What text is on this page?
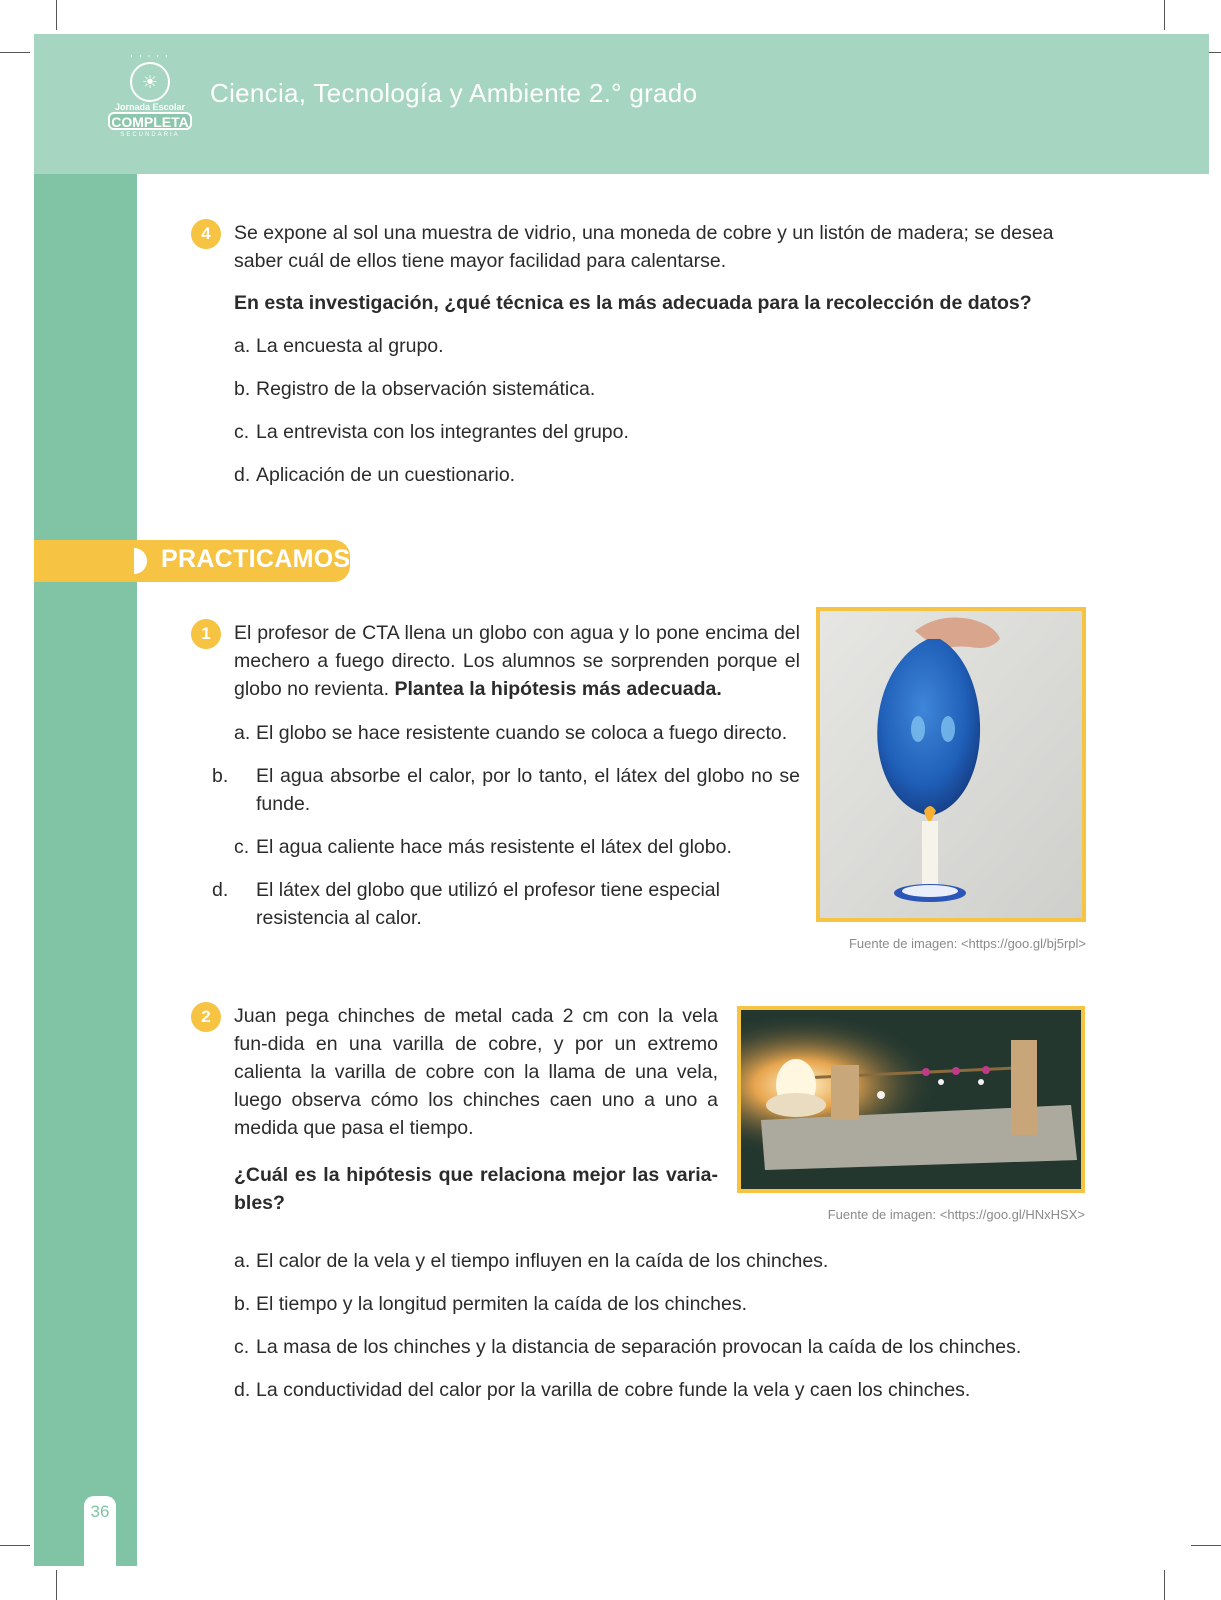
' ' ' ' '
☀
Jornada Escolar
COMPLETA
SECUNDARIA
Ciencia, Tecnología y Ambiente 2.° grado
36
4	Se expone al sol una muestra de vidrio, una moneda de cobre y un listón de madera; se desea saber cuál de ellos tiene mayor facilidad para calentarse.
En esta investigación, ¿qué técnica es la más adecuada para la recolección de datos?
a. La encuesta al grupo.
b. Registro de la observación sistemática.
c. La entrevista con los integrantes del grupo.
d. Aplicación de un cuestionario.
PRACTICAMOS
1	El profesor de CTA llena un globo con agua y lo pone encima del mechero a fuego directo. Los alumnos se sorprenden porque el globo no revienta. Plantea la hipótesis más adecuada.
a. El globo se hace resistente cuando se coloca a fuego directo.
b. El agua absorbe el calor, por lo tanto, el látex del globo no se funde.
c. El agua caliente hace más resistente el látex del globo.
d. El látex del globo que utilizó el profesor tiene especial resistencia al calor.
Fuente de imagen: <https://goo.gl/bj5rpl>
2	Juan pega chinches de metal cada 2 cm con la vela fun-dida en una varilla de cobre, y por un extremo calienta la varilla de cobre con la llama de una vela, luego observa cómo los chinches caen uno a uno a medida que pasa el tiempo.
¿Cuál es la hipótesis que relaciona mejor las varia-bles?
Fuente de imagen: <https://goo.gl/HNxHSX>
a. El calor de la vela y el tiempo influyen en la caída de los chinches.
b. El tiempo y la longitud permiten la caída de los chinches.
c. La masa de los chinches y la distancia de separación provocan la caída de los chinches.
d. La conductividad del calor por la varilla de cobre funde la vela y caen los chinches.
